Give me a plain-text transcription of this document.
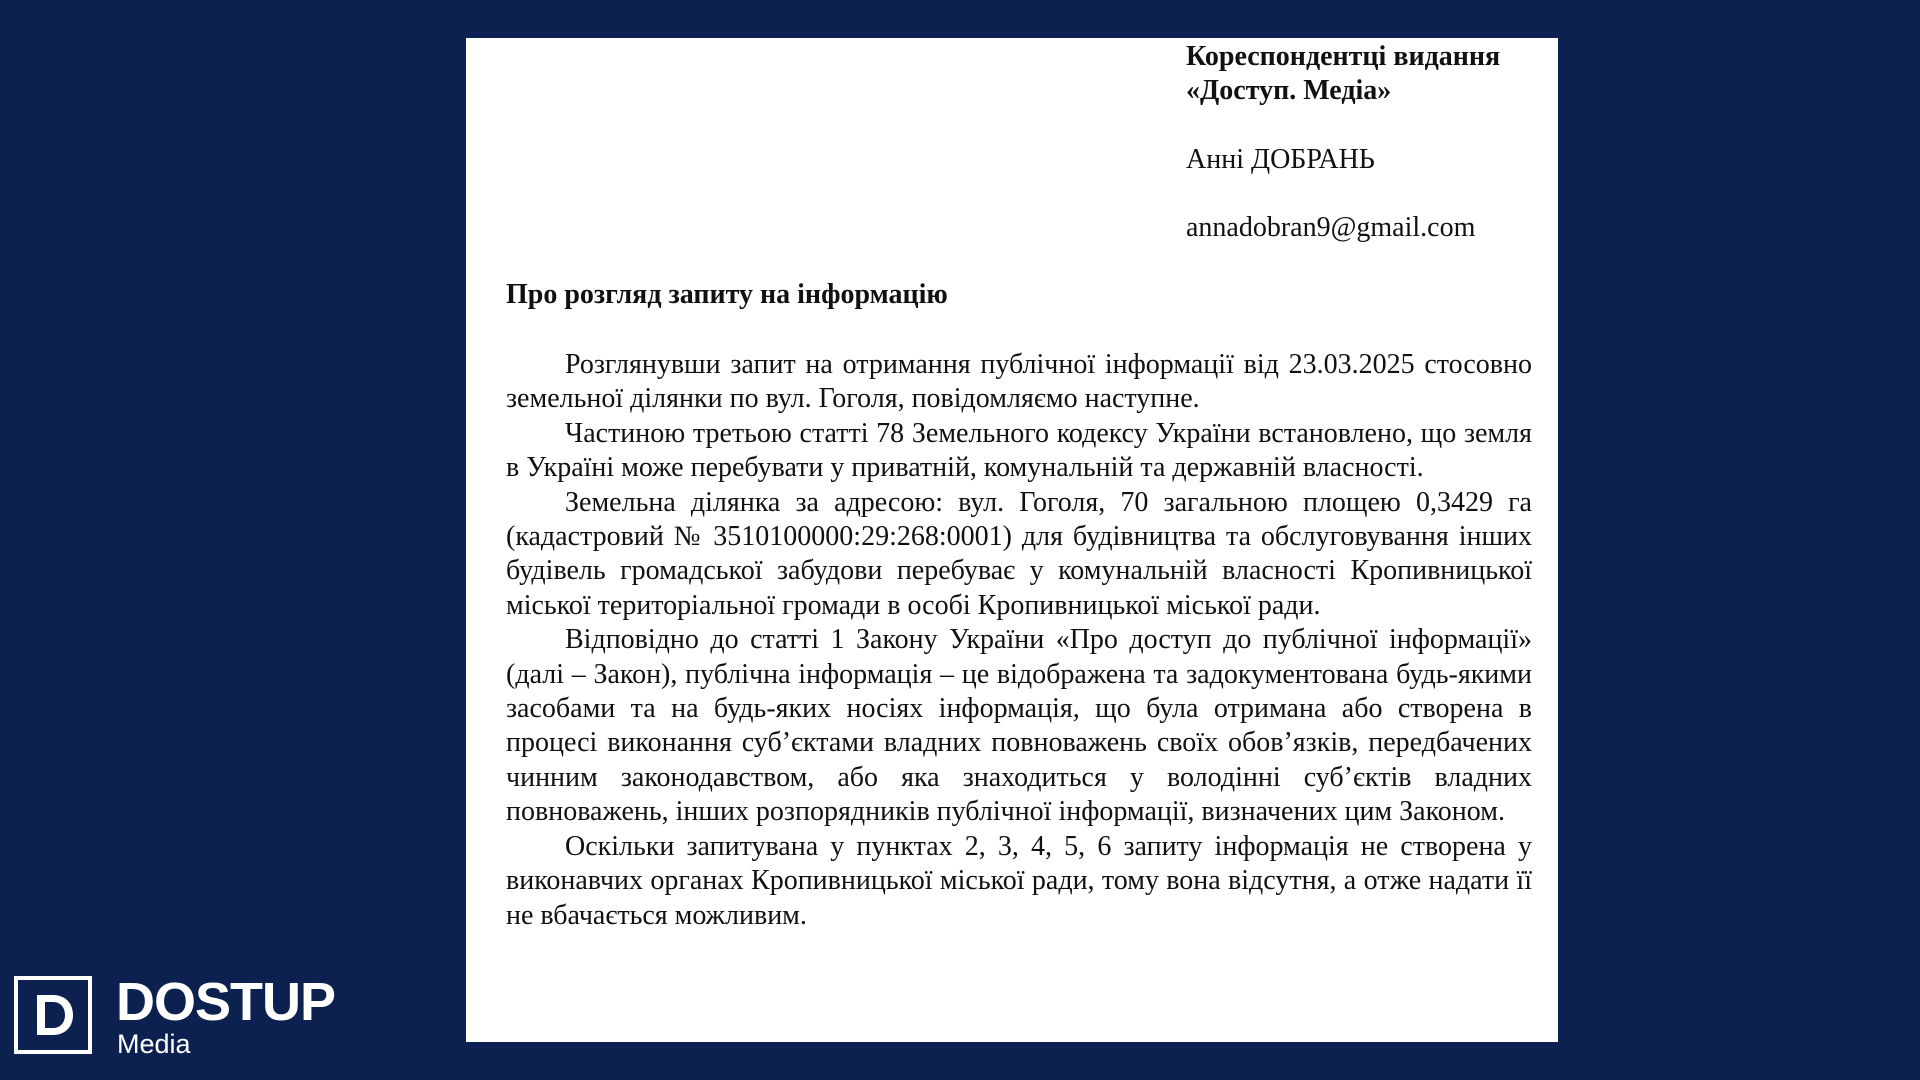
Кореспондентці видання
«Доступ. Медіа»
Анні ДОБРАНЬ
annadobran9@gmail.com
Про розгляд запиту на інформацію

Розглянувши запит на отримання публічної інформації від 23.03.2025 стосовно земельної ділянки по вул. Гоголя, повідомляємо наступне.

Частиною третьою статті 78 Земельного кодексу України встановлено, що земля в Україні може перебувати у приватній, комунальній та державній власності.

Земельна ділянка за адресою: вул. Гоголя, 70 загальною площею 0,3429 га (кадастровий № 3510100000:29:268:0001) для будівництва та обслуговування інших будівель громадської забудови перебуває у комунальній власності Кропивницької міської територіальної громади в особі Кропивницької міської ради.

Відповідно до статті 1 Закону України «Про доступ до публічної інформації» (далі – Закон), публічна інформація – це відображена та задокументована будь-якими засобами та на будь-яких носіях інформація, що була отримана або створена в процесі виконання суб’єктами владних повноважень своїх обов’язків, передбачених чинним законодавством, або яка знаходиться у володінні суб’єктів владних повноважень, інших розпорядників публічної інформації, визначених цим Законом.

Оскільки запитувана у пунктах 2, 3, 4, 5, 6 запиту інформація не створена у виконавчих органах Кропивницької міської ради, тому вона відсутня, а отже надати її не вбачається можливим.

DOSTUP
Media
